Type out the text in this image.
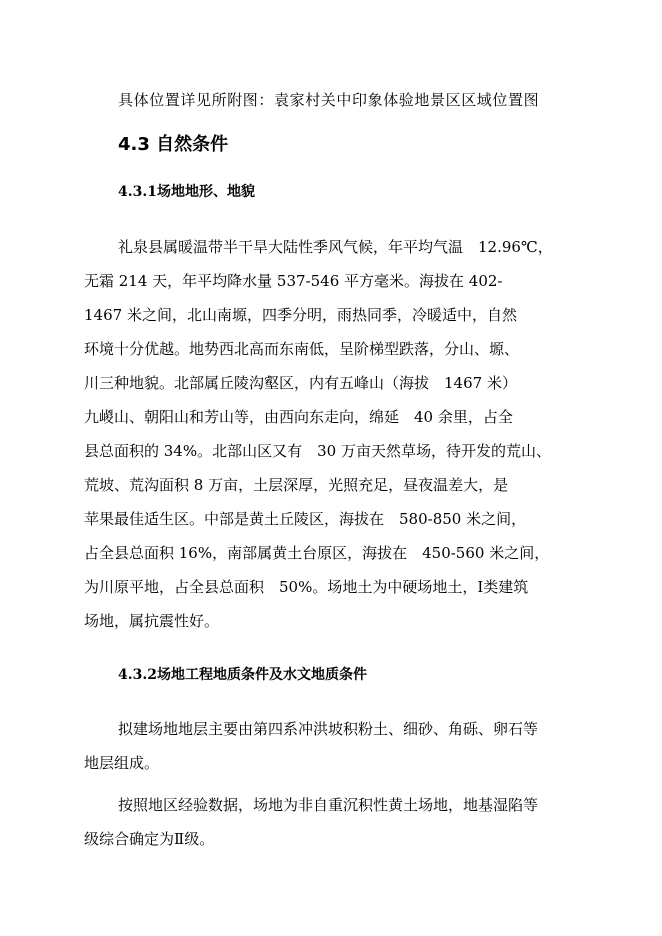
具体位置详见所附图：袁家村关中印象体验地景区区域位置图
4.3 自然条件
4.3.1场地地形、地貌
礼泉县属暖温带半干旱大陆性季风气候，年平均气温　12.96℃，
无霜 214 天，年平均降水量 537-546 平方毫米。海拔在 402-
1467 米之间，北山南塬，四季分明，雨热同季，冷暖适中，自然
环境十分优越。地势西北高而东南低，呈阶梯型跌落，分山、塬、
川三种地貌。北部属丘陵沟壑区，内有五峰山（海拔　1467 米）
九嵕山、朝阳山和芳山等，由西向东走向，绵延　40 余里，占全
县总面积的 34%。北部山区又有　30 万亩天然草场，待开发的荒山、
荒坡、荒沟面积 8 万亩，土层深厚，光照充足，昼夜温差大，是
苹果最佳适生区。中部是黄土丘陵区，海拔在　580-850 米之间，
占全县总面积 16%，南部属黄土台原区，海拔在　450-560 米之间，
为川原平地，占全县总面积　50%。场地土为中硬场地土，Ⅰ类建筑
场地，属抗震性好。
4.3.2场地工程地质条件及水文地质条件
拟建场地地层主要由第四系冲洪坡积粉土、细砂、角砾、卵石等
地层组成。
按照地区经验数据，场地为非自重沉积性黄土场地，地基湿陷等
级综合确定为Ⅱ级。
